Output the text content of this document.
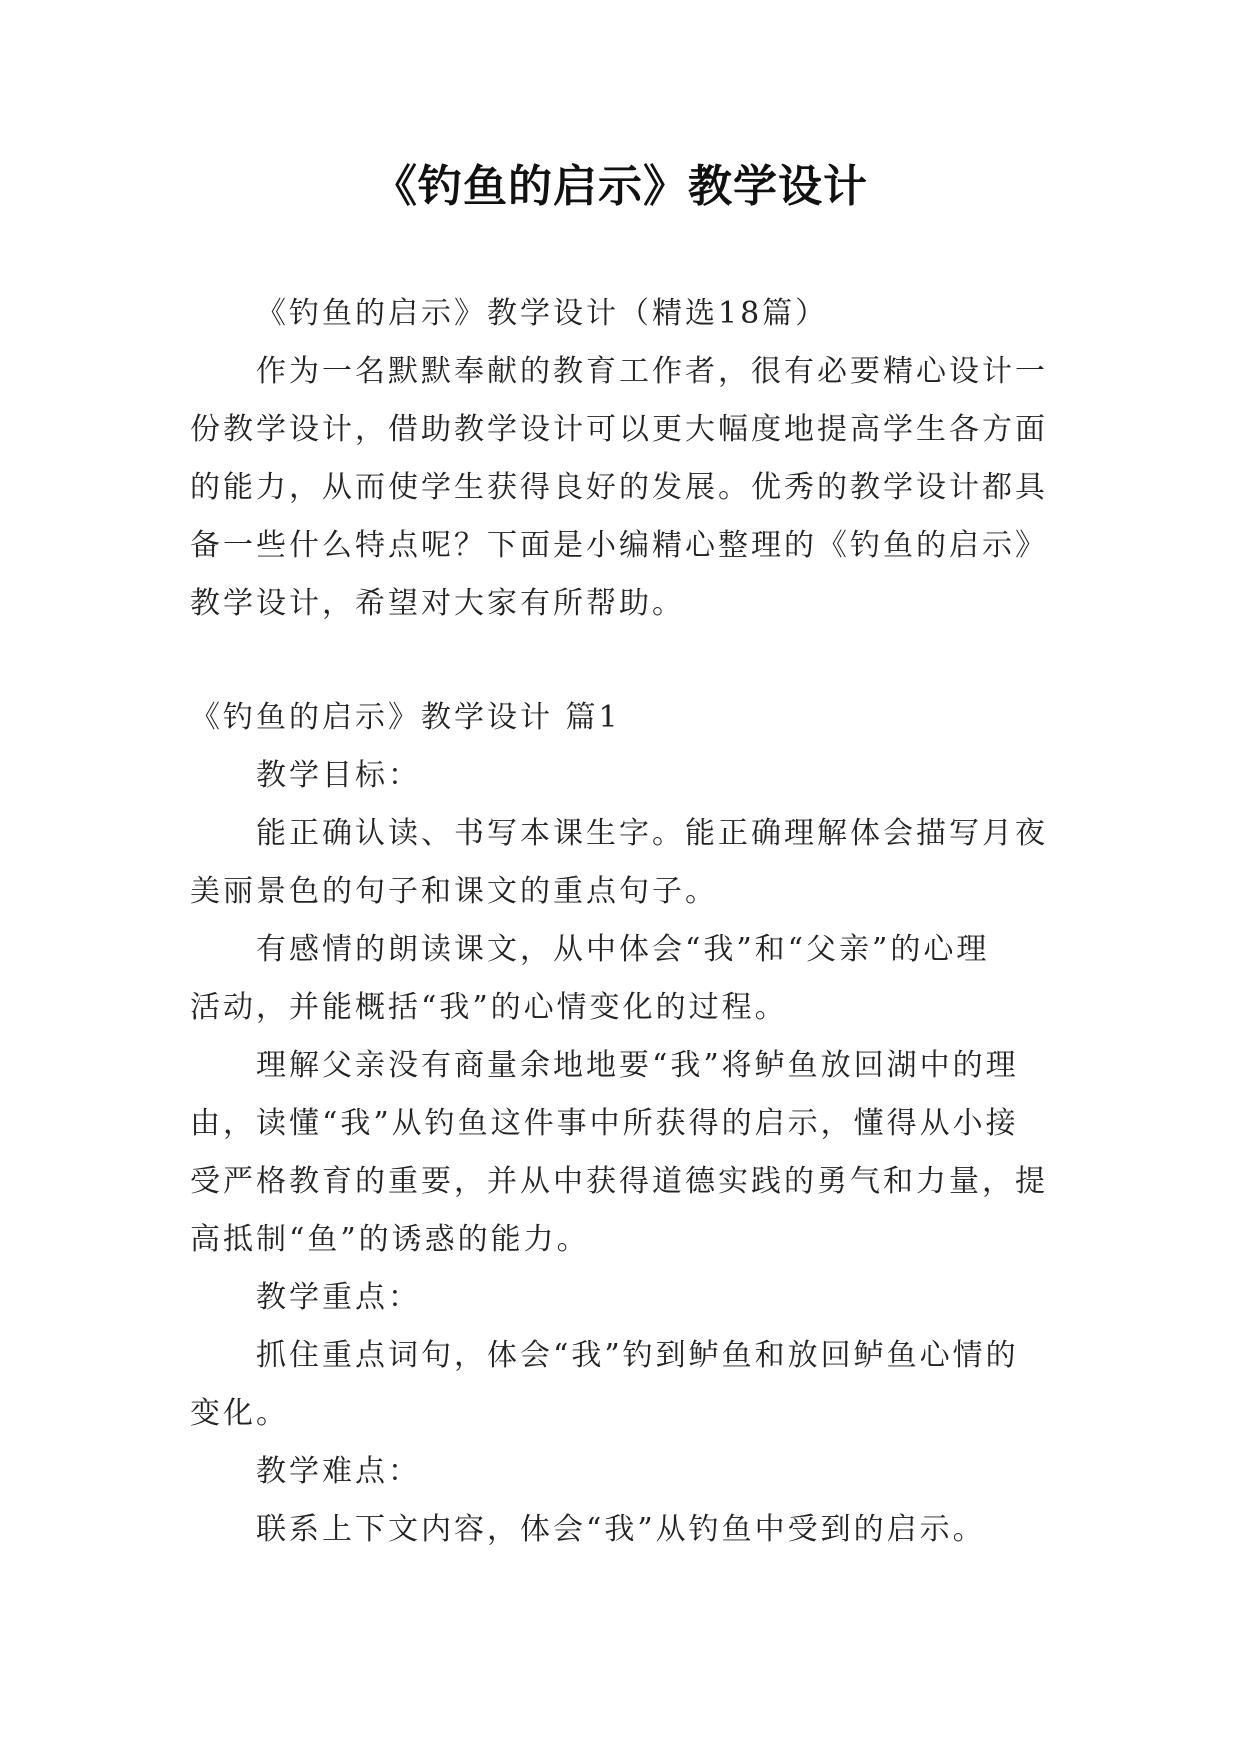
《钓鱼的启示》教学设计

《钓鱼的启示》教学设计（精选18篇）

作为一名默默奉献的教育工作者，很有必要精心设计一

份教学设计，借助教学设计可以更大幅度地提高学生各方面

的能力，从而使学生获得良好的发展。优秀的教学设计都具

备一些什么特点呢？下面是小编精心整理的《钓鱼的启示》

教学设计，希望对大家有所帮助。

《钓鱼的启示》教学设计 篇1

教学目标：

能正确认读、书写本课生字。能正确理解体会描写月夜

美丽景色的句子和课文的重点句子。

有感情的朗读课文，从中体会“我”和“父亲”的心理

活动，并能概括“我”的心情变化的过程。

理解父亲没有商量余地地要“我”将鲈鱼放回湖中的理

由，读懂“我”从钓鱼这件事中所获得的启示，懂得从小接

受严格教育的重要，并从中获得道德实践的勇气和力量，提

高抵制“鱼”的诱惑的能力。

教学重点：

抓住重点词句，体会“我”钓到鲈鱼和放回鲈鱼心情的

变化。

教学难点：

联系上下文内容，体会“我”从钓鱼中受到的启示。
